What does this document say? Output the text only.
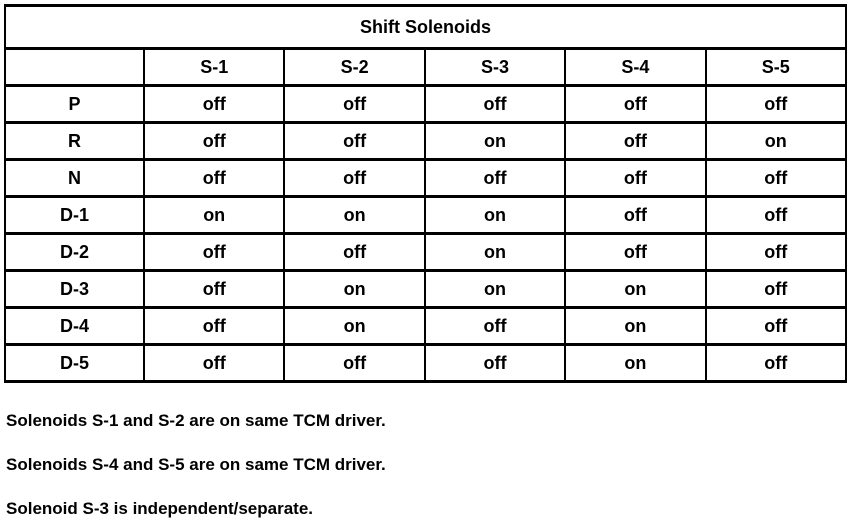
Shift Solenoids					
	S-1	S-2	S-3	S-4	S-5
P	off	off	off	off	off
R	off	off	on	off	on
N	off	off	off	off	off
D-1	on	on	on	off	off
D-2	off	off	on	off	off
D-3	off	on	on	on	off
D-4	off	on	off	on	off
D-5	off	off	off	on	off

Solenoids S-1 and S-2 are on same TCM driver.

Solenoids S-4 and S-5 are on same TCM driver.

Solenoid S-3 is independent/separate.
